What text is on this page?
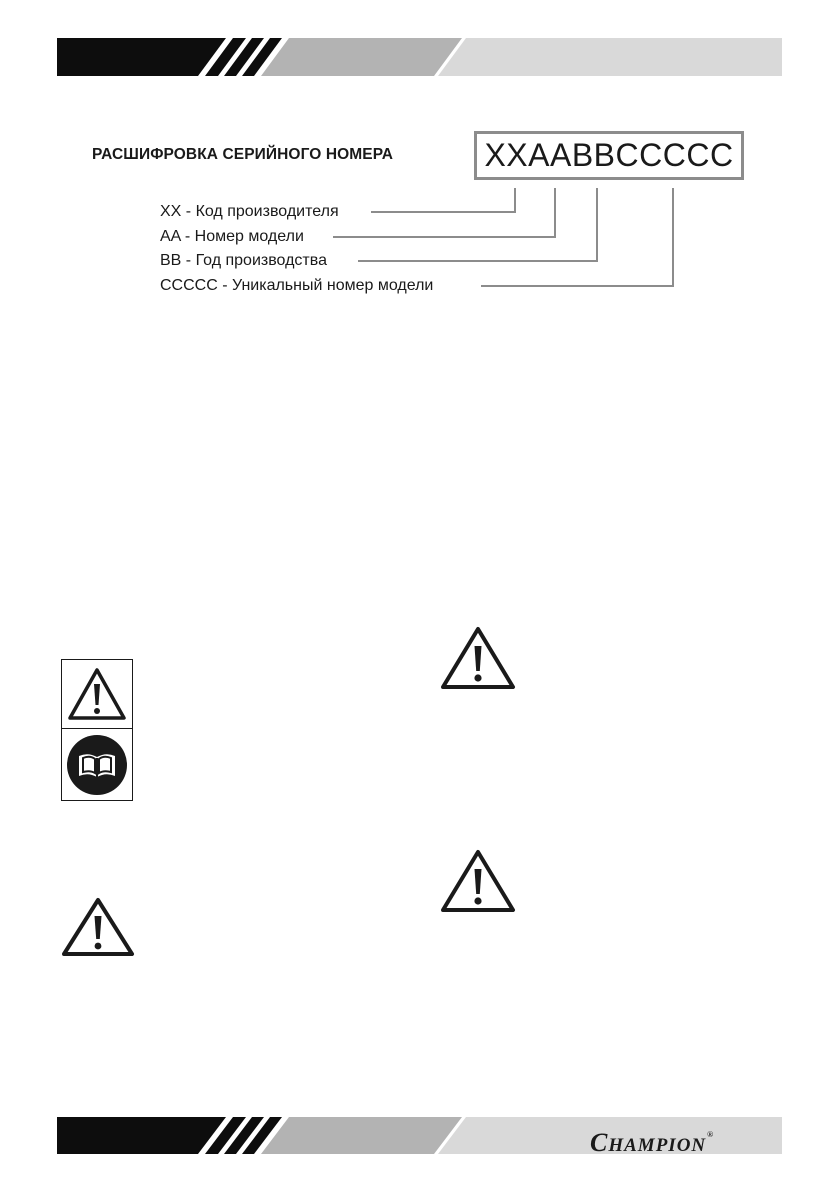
РАСШИФРОВКА СЕРИЙНОГО НОМЕРА	XXAABBCCCCC
XX - Код производителя
AA - Номер модели
BB - Год производства
CCCCC - Уникальный номер модели
CHAMPION®
